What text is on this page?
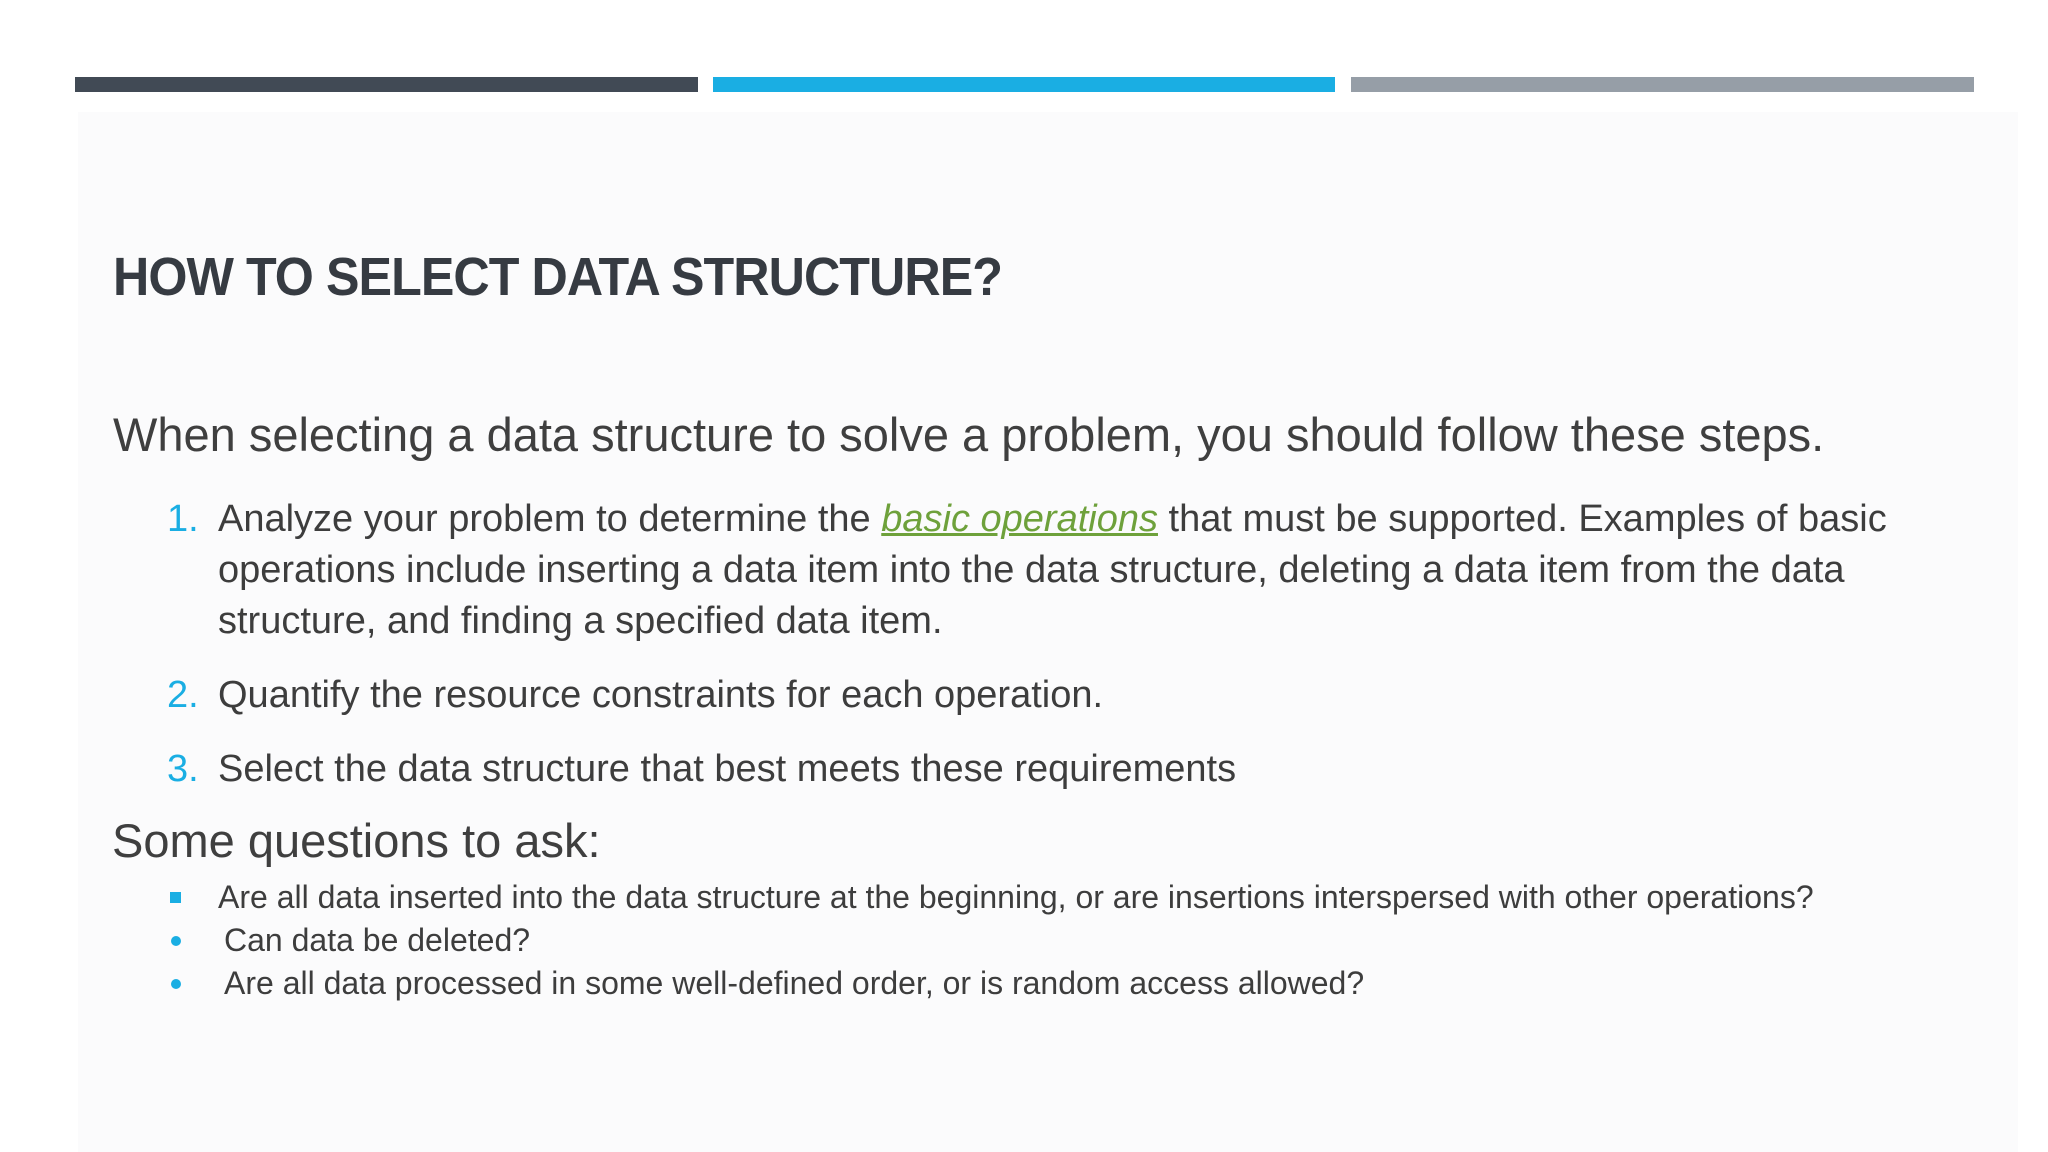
HOW TO SELECT DATA STRUCTURE?

When selecting a data structure to solve a problem, you should follow these steps.

1. Analyze your problem to determine the basic operations that must be supported. Examples of basic operations include inserting a data item into the data structure, deleting a data item from the data structure, and finding a specified data item.
2. Quantify the resource constraints for each operation.
3. Select the data structure that best meets these requirements

Some questions to ask:

Are all data inserted into the data structure at the beginning, or are insertions interspersed with other operations?
Can data be deleted?
Are all data processed in some well-defined order, or is random access allowed?
